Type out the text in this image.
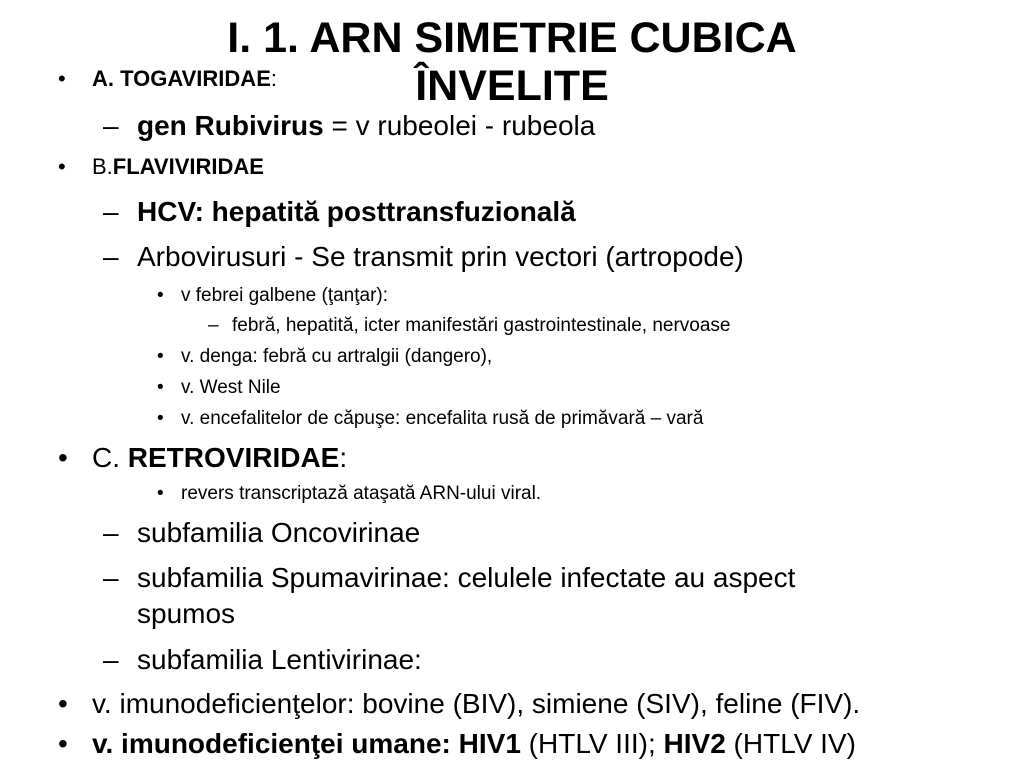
I. 1. ARN SIMETRIE CUBICA
ÎNVELITE
• A. TOGAVIRIDAE:
– gen Rubivirus = v rubeolei - rubeola
• B.FLAVIVIRIDAE
– HCV: hepatită posttransfuzională
– Arbovirusuri - Se transmit prin vectori (artropode)
• v febrei galbene (ţanţar):
– febră, hepatită, icter manifestări gastrointestinale, nervoase
• v. denga: febră cu artralgii (dangero),
• v. West Nile
• v. encefalitelor de căpuşe: encefalita rusă de primăvară – vară
• C. RETROVIRIDAE:
• revers transcriptază ataşată ARN-ului viral.
– subfamilia Oncovirinae
– subfamilia Spumavirinae: celulele infectate au aspect
spumos
– subfamilia Lentivirinae:
• v. imunodeficienţelor: bovine (BIV), simiene (SIV), feline (FIV).
• v. imunodeficienţei umane: HIV1 (HTLV III); HIV2 (HTLV IV)
